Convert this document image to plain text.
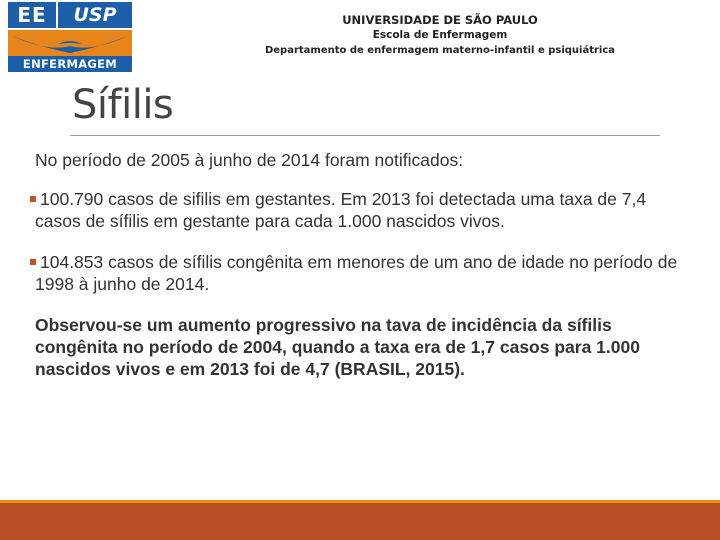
EE USP
ENFERMAGEM
UNIVERSIDADE DE SÃO PAULO
Escola de Enfermagem
Departamento de enfermagem materno-infantil e psiquiátrica
Sífilis
No período de 2005 à junho de 2014 foram notificados:
100.790 casos de sifilis em gestantes. Em 2013 foi detectada uma taxa de 7,4 casos de sífilis em gestante para cada 1.000 nascidos vivos.
104.853 casos de sífilis congênita em menores de um ano de idade no período de 1998 à junho de 2014.
Observou-se um aumento progressivo na tava de incidência da sífilis congênita no período de 2004, quando a taxa era de 1,7 casos para 1.000 nascidos vivos e em 2013 foi de 4,7 (BRASIL, 2015).
